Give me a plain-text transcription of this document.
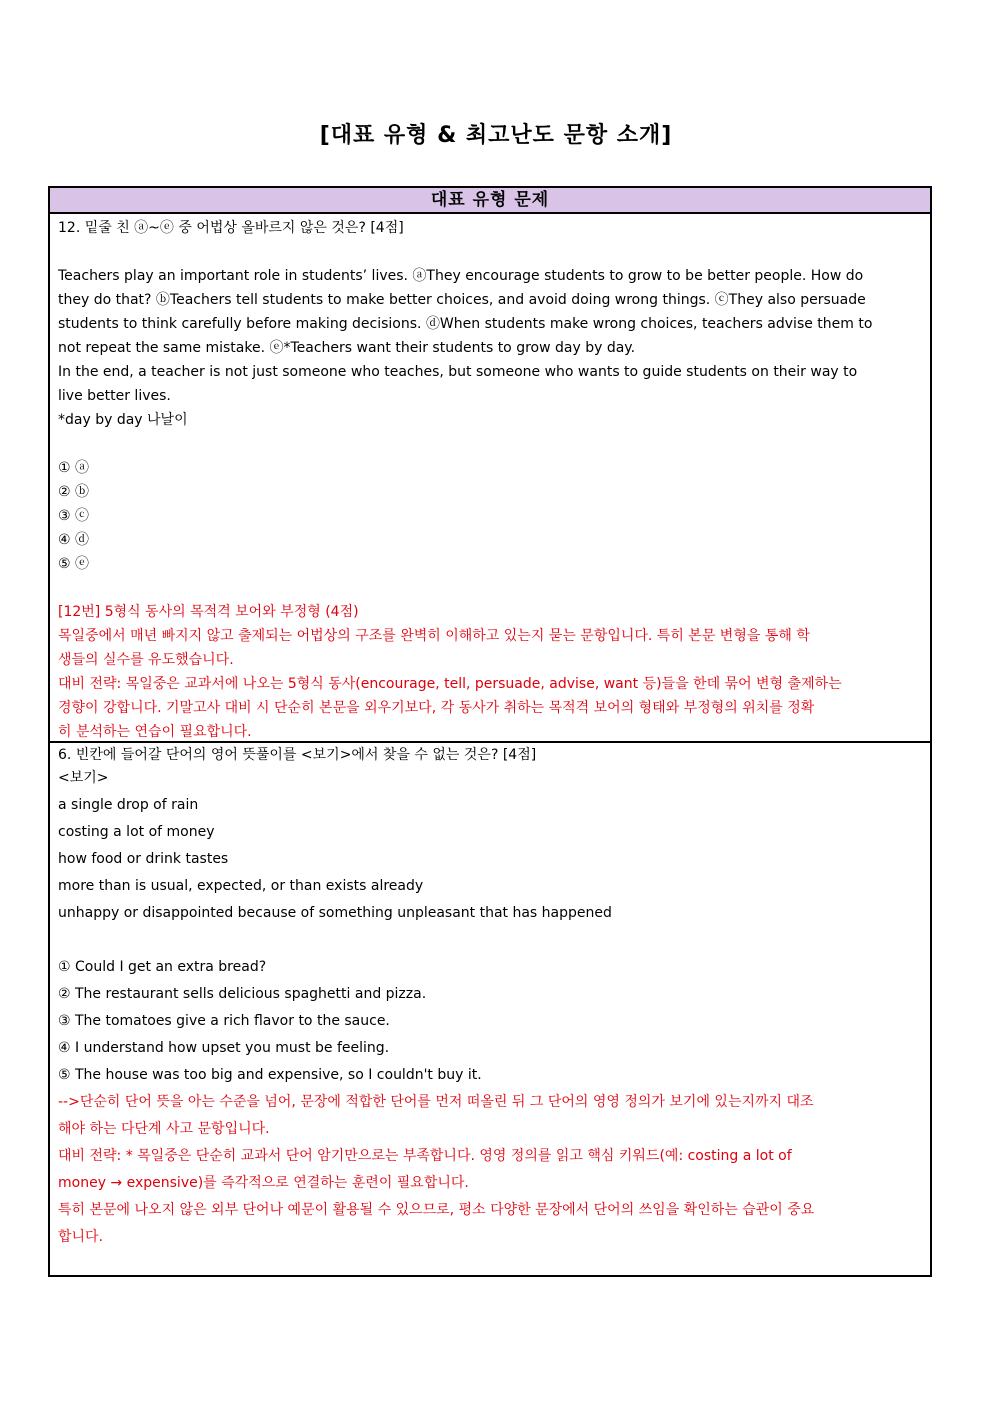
[대표 유형 & 최고난도 문항 소개]
대표 유형 문제
12. 밑줄 친 ⓐ~ⓔ 중 어법상 올바르지 않은 것은? [4점]
Teachers play an important role in students’ lives. ⓐThey encourage students to grow to be better people. How do
they do that? ⓑTeachers tell students to make better choices, and avoid doing wrong things. ⓒThey also persuade
students to think carefully before making decisions. ⓓWhen students make wrong choices, teachers advise them to
not repeat the same mistake. ⓔ*Teachers want their students to grow day by day.
In the end, a teacher is not just someone who teaches, but someone who wants to guide students on their way to
live better lives.
*day by day 나날이
① ⓐ
② ⓑ
③ ⓒ
④ ⓓ
⑤ ⓔ
[12번] 5형식 동사의 목적격 보어와 부정형 (4점)
목일중에서 매년 빠지지 않고 출제되는 어법상의 구조를 완벽히 이해하고 있는지 묻는 문항입니다. 특히 본문 변형을 통해 학
생들의 실수를 유도했습니다.
대비 전략: 목일중은 교과서에 나오는 5형식 동사(encourage, tell, persuade, advise, want 등)들을 한데 묶어 변형 출제하는
경향이 강합니다. 기말고사 대비 시 단순히 본문을 외우기보다, 각 동사가 취하는 목적격 보어의 형태와 부정형의 위치를 정확
히 분석하는 연습이 필요합니다.
6. 빈칸에 들어갈 단어의 영어 뜻풀이를 <보기>에서 찾을 수 없는 것은? [4점]
<보기>
a single drop of rain
costing a lot of money
how food or drink tastes
more than is usual, expected, or than exists already
unhappy or disappointed because of something unpleasant that has happened
① Could I get an extra bread?
② The restaurant sells delicious spaghetti and pizza.
③ The tomatoes give a rich flavor to the sauce.
④ I understand how upset you must be feeling.
⑤ The house was too big and expensive, so I couldn't buy it.
-->단순히 단어 뜻을 아는 수준을 넘어, 문장에 적합한 단어를 먼저 떠올린 뒤 그 단어의 영영 정의가 보기에 있는지까지 대조
해야 하는 다단계 사고 문항입니다.
대비 전략: * 목일중은 단순히 교과서 단어 암기만으로는 부족합니다. 영영 정의를 읽고 핵심 키워드(예: costing a lot of
money → expensive)를 즉각적으로 연결하는 훈련이 필요합니다.
특히 본문에 나오지 않은 외부 단어나 예문이 활용될 수 있으므로, 평소 다양한 문장에서 단어의 쓰임을 확인하는 습관이 중요
합니다.
